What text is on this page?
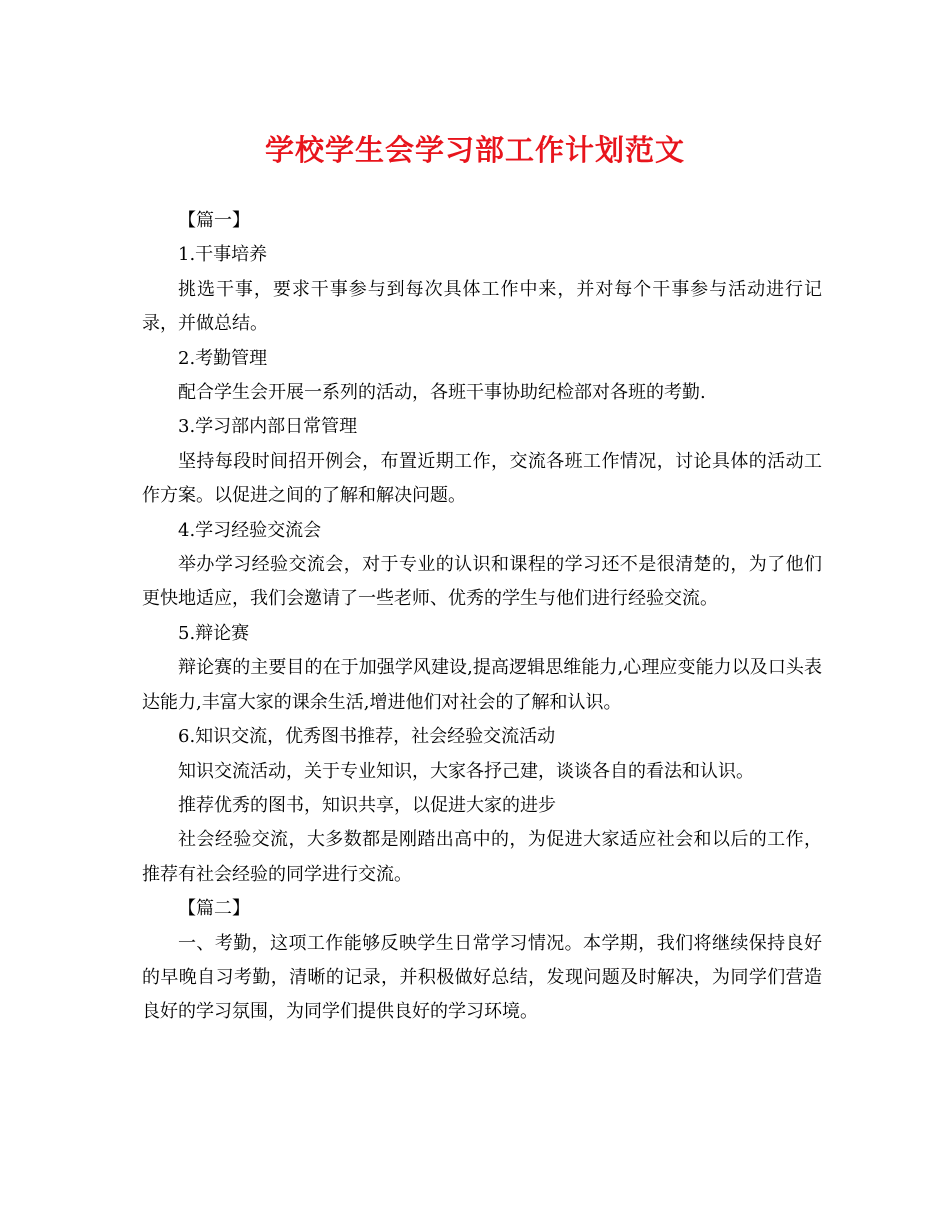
学校学生会学习部工作计划范文

【篇一】

1.干事培养

挑选干事，要求干事参与到每次具体工作中来，并对每个干事参与活动进行记录，并做总结。

2.考勤管理

配合学生会开展一系列的活动，各班干事协助纪检部对各班的考勤.

3.学习部内部日常管理

坚持每段时间招开例会，布置近期工作，交流各班工作情况，讨论具体的活动工作方案。以促进之间的了解和解决问题。

4.学习经验交流会

举办学习经验交流会，对于专业的认识和课程的学习还不是很清楚的，为了他们更快地适应，我们会邀请了一些老师、优秀的学生与他们进行经验交流。

5.辩论赛

辩论赛的主要目的在于加强学风建设,提高逻辑思维能力,心理应变能力以及口头表达能力,丰富大家的课余生活,增进他们对社会的了解和认识。

6.知识交流，优秀图书推荐，社会经验交流活动

知识交流活动，关于专业知识，大家各抒己建，谈谈各自的看法和认识。

推荐优秀的图书，知识共享，以促进大家的进步

社会经验交流，大多数都是刚踏出高中的，为促进大家适应社会和以后的工作，推荐有社会经验的同学进行交流。

【篇二】

一、考勤，这项工作能够反映学生日常学习情况。本学期，我们将继续保持良好的早晚自习考勤，清晰的记录，并积极做好总结，发现问题及时解决，为同学们营造良好的学习氛围，为同学们提供良好的学习环境。
